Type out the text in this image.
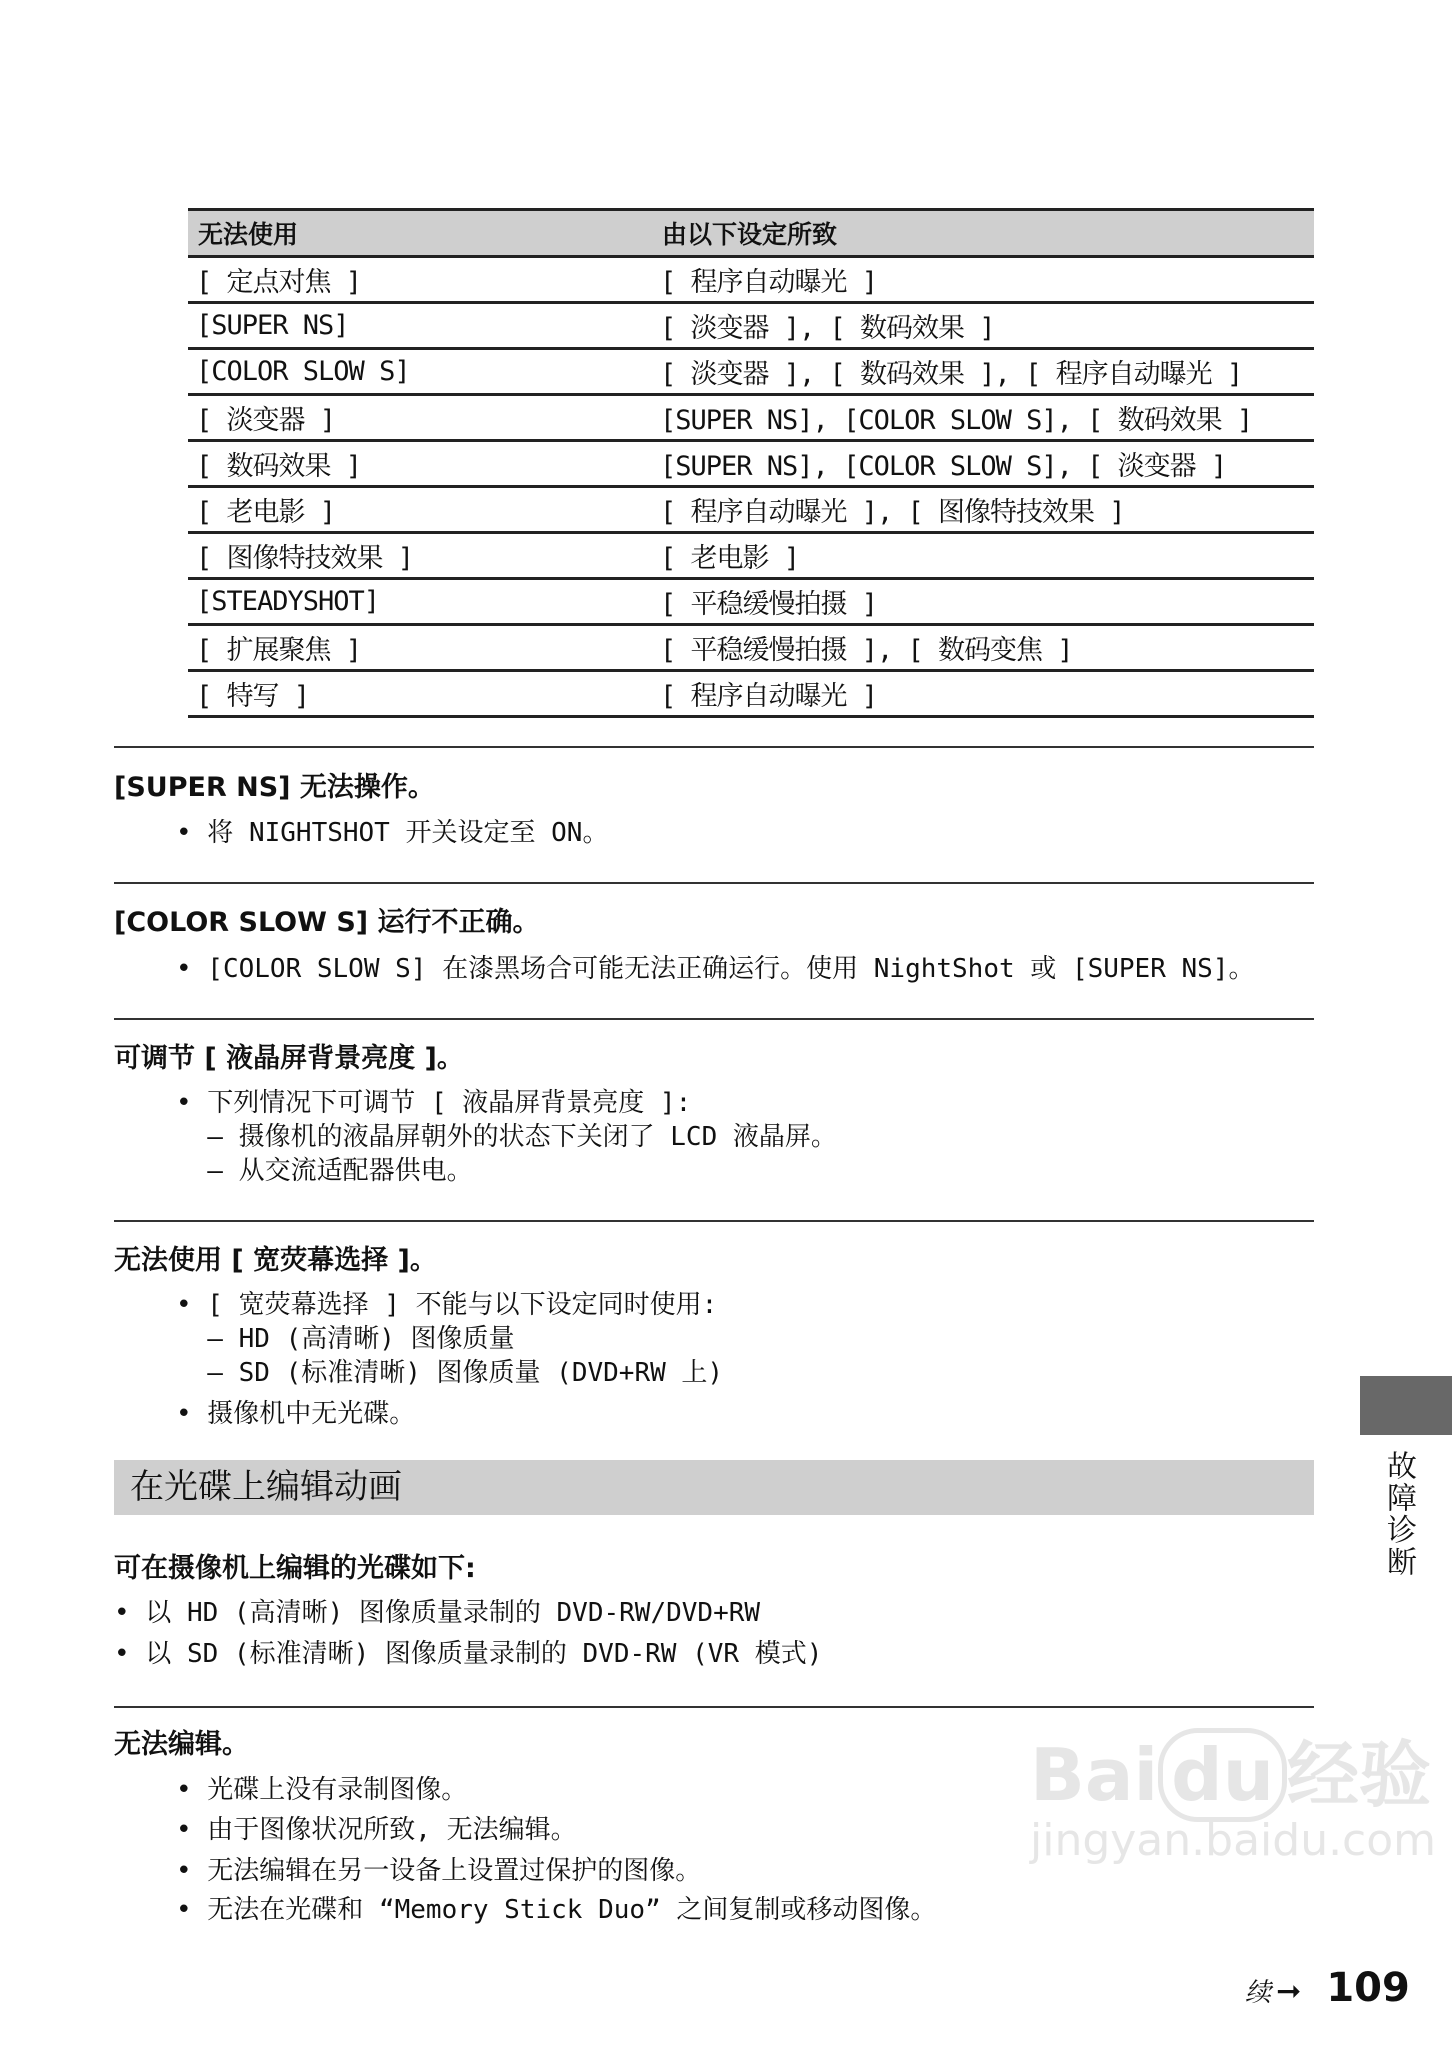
无法使用	由以下设定所致
[ 定点对焦 ]	[ 程序自动曝光 ]
[SUPER NS]	[ 淡变器 ], [ 数码效果 ]
[COLOR SLOW S]	[ 淡变器 ], [ 数码效果 ], [ 程序自动曝光 ]
[ 淡变器 ]	[SUPER NS], [COLOR SLOW S], [ 数码效果 ]
[ 数码效果 ]	[SUPER NS], [COLOR SLOW S], [ 淡变器 ]
[ 老电影 ]	[ 程序自动曝光 ], [ 图像特技效果 ]
[ 图像特技效果 ]	[ 老电影 ]
[STEADYSHOT]	[ 平稳缓慢拍摄 ]
[ 扩展聚焦 ]	[ 平稳缓慢拍摄 ], [ 数码变焦 ]
[ 特写 ]	[ 程序自动曝光 ]
[SUPER NS] 无法操作。
• 将 NIGHTSHOT 开关设定至 ON。
[COLOR SLOW S] 运行不正确。
• [COLOR SLOW S] 在漆黑场合可能无法正确运行。使用 NightShot 或 [SUPER NS]。
可调节 [ 液晶屏背景亮度 ]。
• 下列情况下可调节 [ 液晶屏背景亮度 ]:
– 摄像机的液晶屏朝外的状态下关闭了 LCD 液晶屏。
– 从交流适配器供电。
无法使用 [ 宽荧幕选择 ]。
• [ 宽荧幕选择 ] 不能与以下设定同时使用:
– HD (高清晰) 图像质量
– SD (标准清晰) 图像质量 (DVD+RW 上)
• 摄像机中无光碟。
在光碟上编辑动画
可在摄像机上编辑的光碟如下:
• 以 HD (高清晰) 图像质量录制的 DVD-RW/DVD+RW
• 以 SD (标准清晰) 图像质量录制的 DVD-RW (VR 模式)
无法编辑。
• 光碟上没有录制图像。
• 由于图像状况所致, 无法编辑。
• 无法编辑在另一设备上设置过保护的图像。
• 无法在光碟和 “Memory Stick Duo” 之间复制或移动图像。
Bai du 经验
jingyan.baidu.com
故障诊断
续 ➞ 109
